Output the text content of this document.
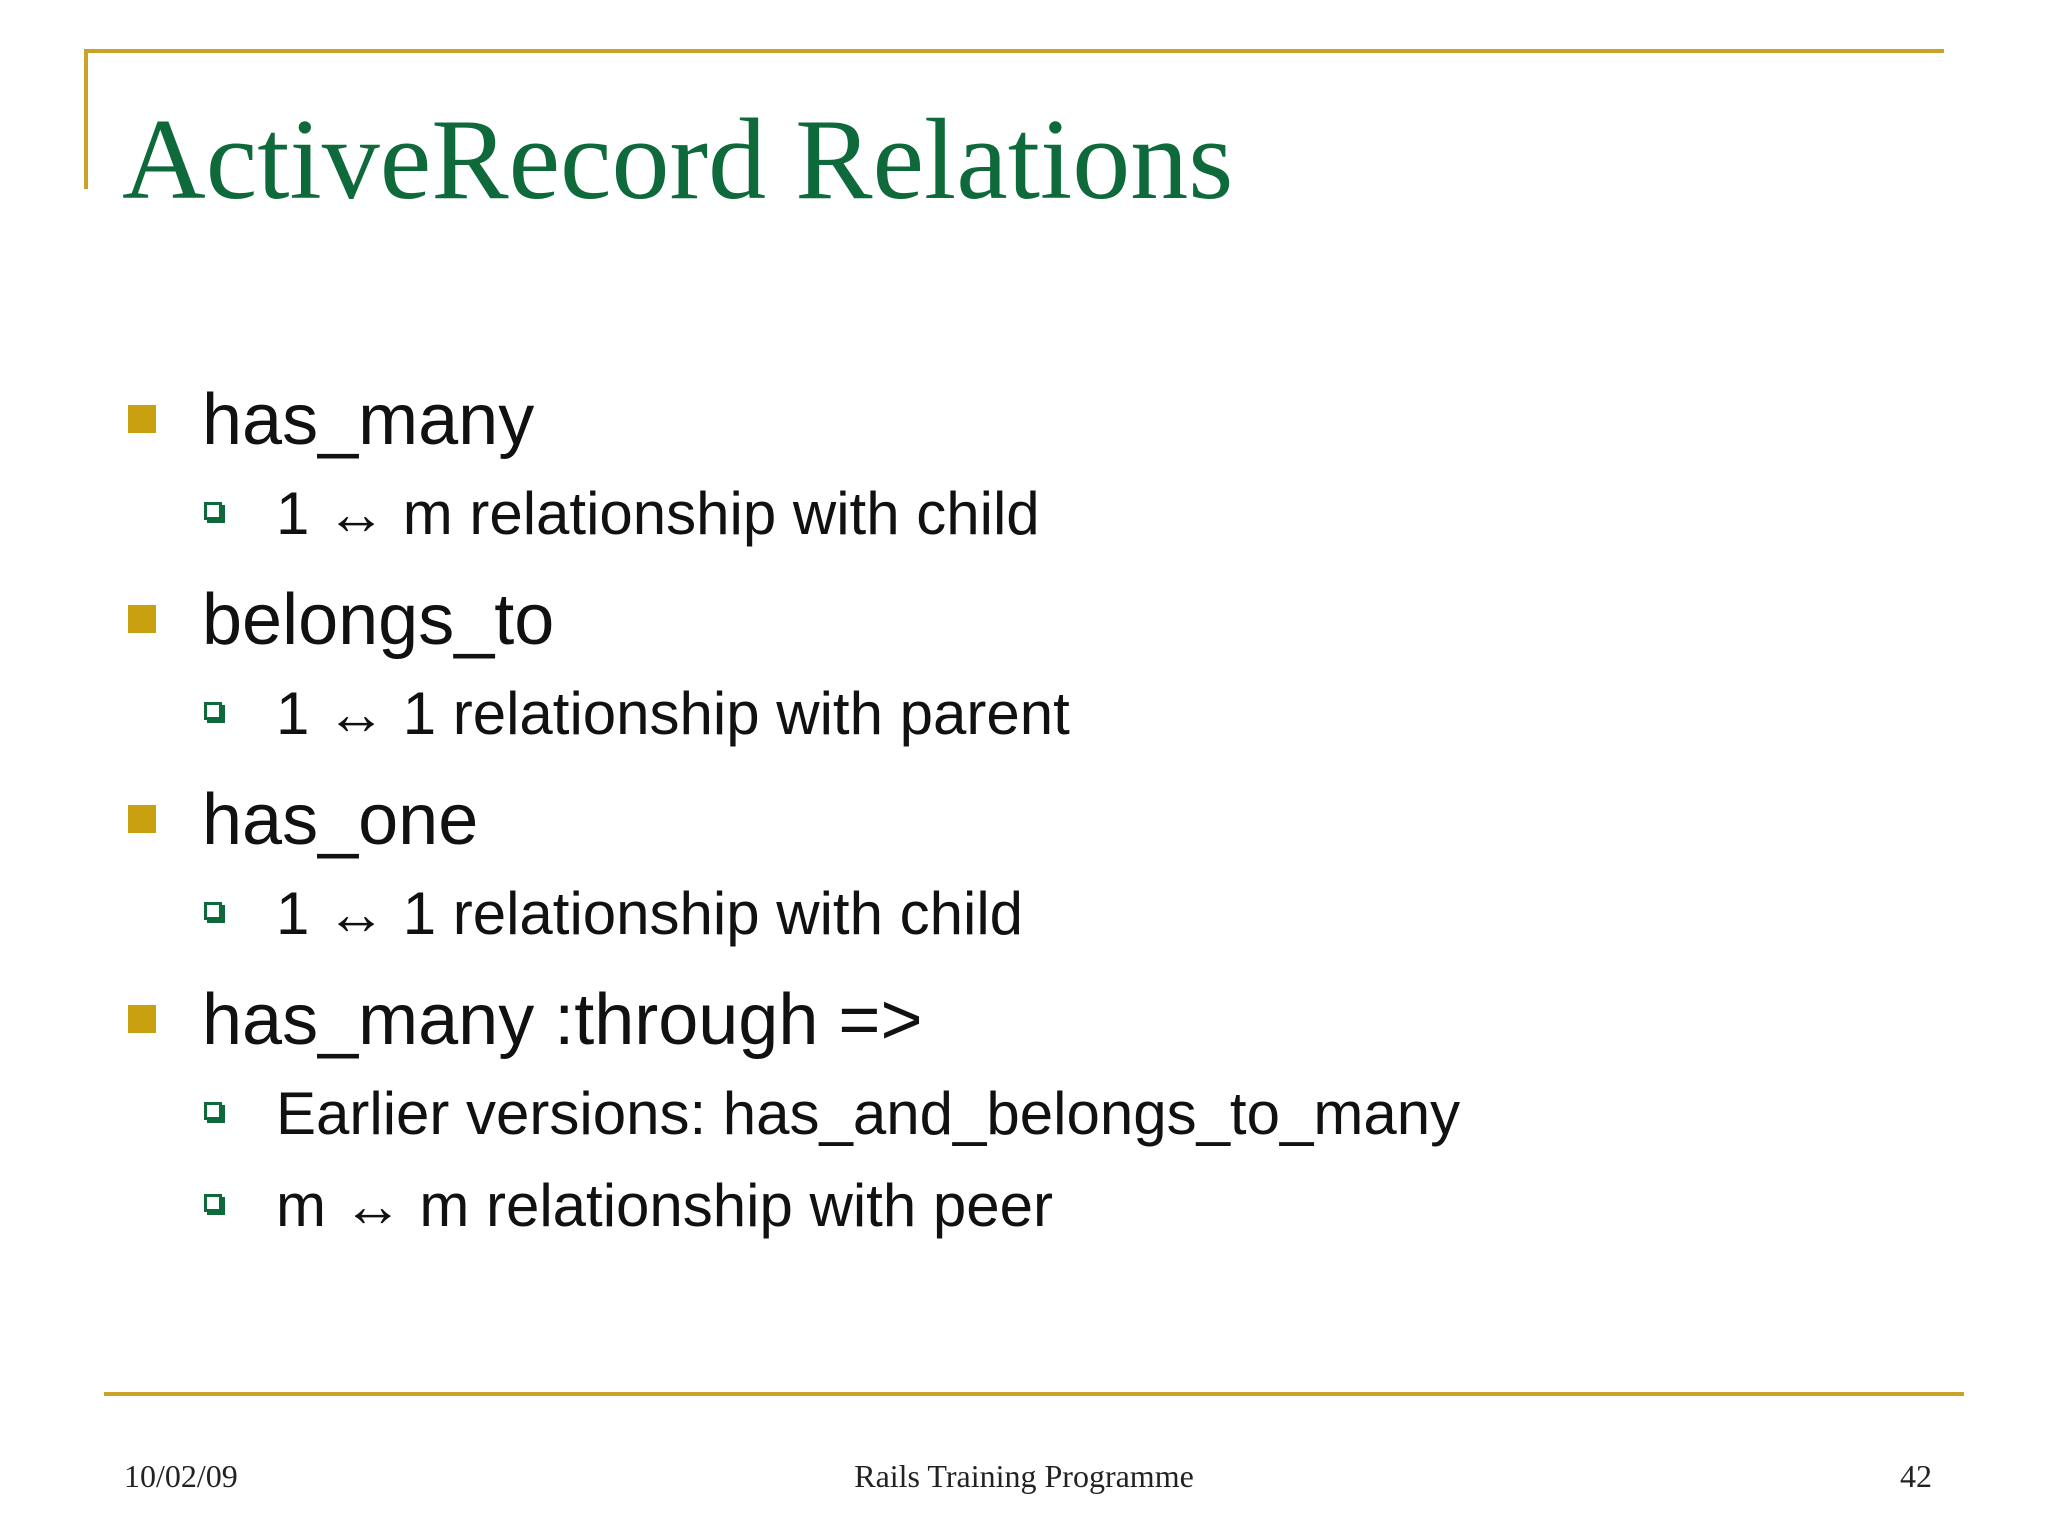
ActiveRecord Relations
has_many
1 ↔ m relationship with child
belongs_to
1 ↔ 1 relationship with parent
has_one
1 ↔ 1 relationship with child
has_many :through =>
Earlier versions: has_and_belongs_to_many
m ↔ m relationship with peer
10/02/09	Rails Training Programme	42
